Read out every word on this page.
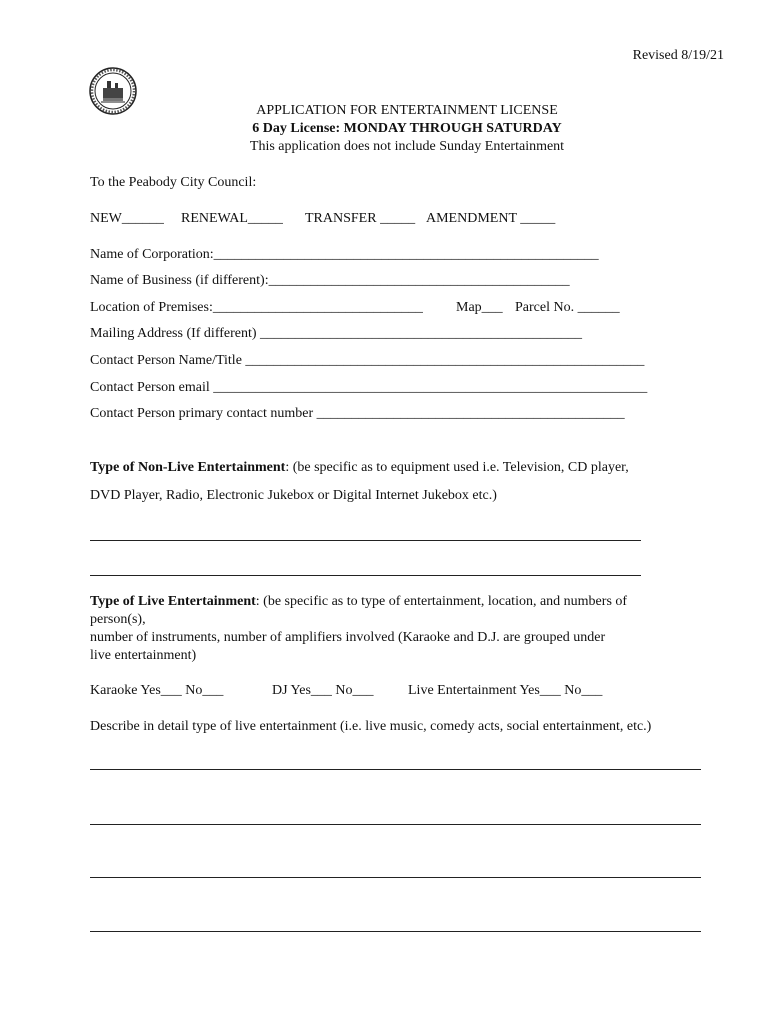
Revised 8/19/21
APPLICATION FOR ENTERTAINMENT LICENSE
6 Day License: MONDAY THROUGH SATURDAY
This application does not include Sunday Entertainment
To the Peabody City Council:
NEW______ RENEWAL_____ TRANSFER _____ AMENDMENT _____
Name of Corporation:_______________________________________________________
Name of Business (if different):___________________________________________
Location of Premises:______________________________ Map___ Parcel No. ______
Mailing Address (If different) ______________________________________________
Contact Person Name/Title _________________________________________________________
Contact Person email ______________________________________________________________
Contact Person primary contact number ____________________________________________
Type of Non-Live Entertainment: (be specific as to equipment used i.e. Television, CD player,
DVD Player, Radio, Electronic Jukebox or Digital Internet Jukebox etc.)
Type of Live Entertainment: (be specific as to type of entertainment, location, and numbers of
person(s),
number of instruments, number of amplifiers involved (Karaoke and D.J. are grouped under
live entertainment)
Karaoke Yes___ No___	DJ Yes___ No___ Live Entertainment Yes___ No___
Describe in detail type of live entertainment (i.e. live music, comedy acts, social entertainment, etc.)
